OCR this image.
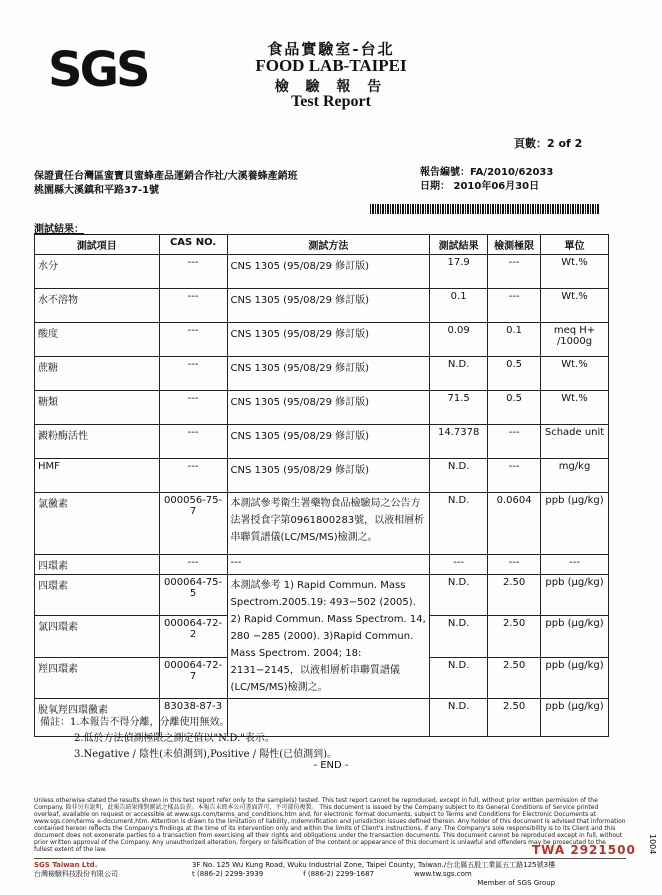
SGS	食品實驗室-台北
FOOD LAB-TAIPEI
檢 驗 報 告
Test Report
頁數：2 of 2
保證責任台灣區蜜寶貝蜜蜂產品運銷合作社/大溪養蜂產銷班
桃園縣大溪鎮和平路37-1號
報告編號：FA/2010/62033
日期： 2010年06月30日
測試結果：
測試項目	CAS NO.	測試方法	測試結果	檢測極限	單位
水分	---	CNS 1305 (95/08/29 修訂版)	17.9	---	Wt.%
水不溶物	---	CNS 1305 (95/08/29 修訂版)	0.1	---	Wt.%
酸度	---	CNS 1305 (95/08/29 修訂版)	0.09	0.1	meq H+ /1000g
蔗糖	---	CNS 1305 (95/08/29 修訂版)	N.D.	0.5	Wt.%
糖類	---	CNS 1305 (95/08/29 修訂版)	71.5	0.5	Wt.%
澱粉酶活性	---	CNS 1305 (95/08/29 修訂版)	14.7378	---	Schade unit
HMF	---	CNS 1305 (95/08/29 修訂版)	N.D.	---	mg/kg
氯黴素	000056-75-7	本測試參考衛生署藥物食品檢驗局之公告方法署授食字第0961800283號，以液相層析串聯質譜儀(LC/MS/MS)檢測之。	N.D.	0.0604	ppb (μg/kg)
四環素	---	---	---	---	---
四環素	000064-75-5	本測試參考 1) Rapid Commun. Mass Spectrom.2005.19: 493−502 (2005). 2) Rapid Commun. Mass Spectrom. 14, 280 −285 (2000). 3)Rapid Commun. Mass Spectrom. 2004; 18: 2131−2145，以液相層析串聯質譜儀(LC/MS/MS)檢測之。	N.D.	2.50	ppb (μg/kg)
氯四環素	000064-72-2		N.D.	2.50	ppb (μg/kg)
羥四環素	000064-72-7		N.D.	2.50	ppb (μg/kg)
脫氧羥四環黴素	83038-87-3		N.D.	2.50	ppb (μg/kg)
備註：1.本報告不得分離，分離使用無效。
2.低於方法偵測極限之測定值以"N.D."表示。
3.Negative / 陰性(未偵測到),Positive / 陽性(已偵測到)。
- END -
Unless otherwise stated the results shown in this test report refer only to the sample(s) tested. This test report cannot be reproduced, except in full, without prior written permission of the Company. 除非另有說明，此報告結果僅對測試之樣品負責。本報告未經本公司書面許可，不可部份複製。 This document is issued by the Company subject to its General Conditions of Service printed overleaf, available on request or accessible at www.sgs.com/terms_and_conditions.htm and, for electronic format documents, subject to Terms and Conditions for Electronic Documents at www.sgs.com/terms_e-document.htm. Attention is drawn to the limitation of liability, indemnification and jurisdiction issues defined therein. Any holder of this document is advised that information contained hereon reflects the Company's findings at the time of its intervention only and within the limits of Client's instructions, if any. The Company's sole responsibility is to its Client and this document does not exonerate parties to a transaction from exercising all their rights and obligations under the transaction documents. This document cannot be reproduced except in full, without prior written approval of the Company. Any unauthorized alteration, forgery or falsification of the content or appearance of this document is unlawful and offenders may be prosecuted to the fullest extent of the law.	TWA 2921500
SGS Taiwan Ltd.
台灣檢驗科技股份有限公司
3F No. 125 Wu Kung Road, Wuku Industrial Zone, Taipei County, Taiwan./台北縣五股工業區五工路125號3樓
t (886-2) 2299-3939	f (886-2) 2299-1687	www.tw.sgs.com
Member of SGS Group
1004
